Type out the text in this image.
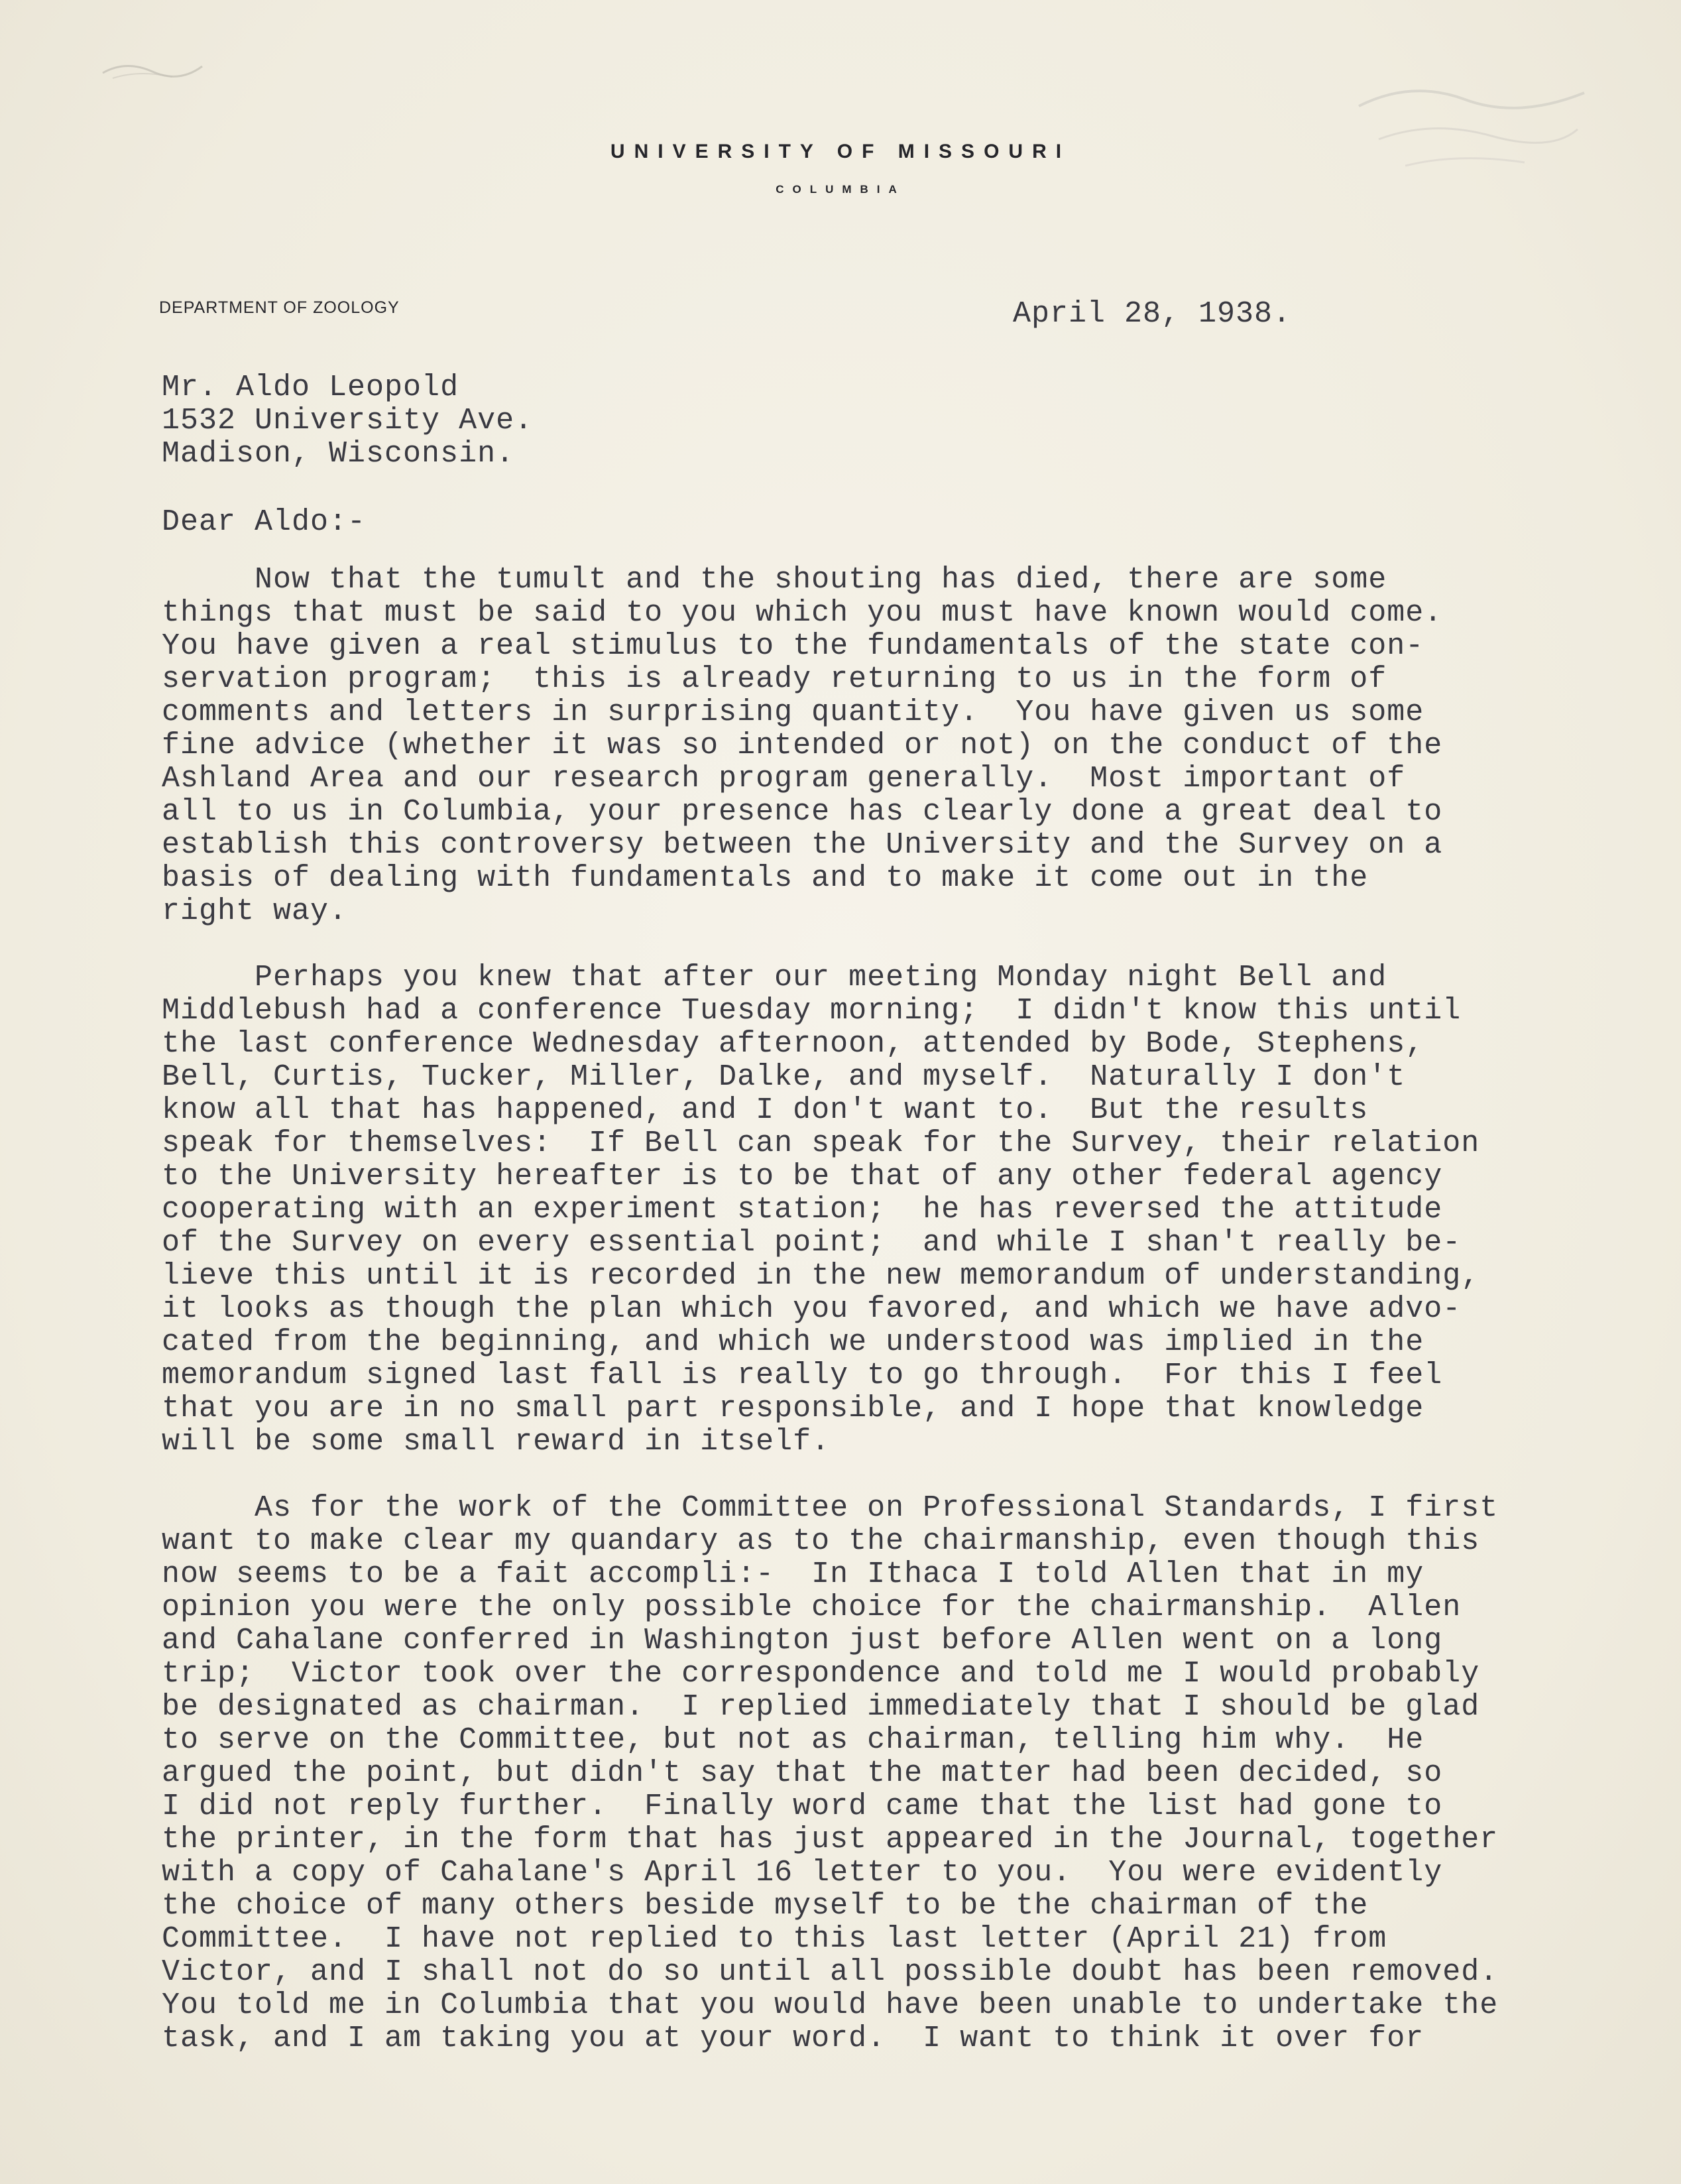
UNIVERSITY OF MISSOURI
COLUMBIA
DEPARTMENT OF ZOOLOGY	April 28, 1938.
Mr. Aldo Leopold
1532 University Ave.
Madison, Wisconsin.
Dear Aldo:-
Now that the tumult and the shouting has died, there are some
things that must be said to you which you must have known would come.
You have given a real stimulus to the fundamentals of the state con-
servation program;  this is already returning to us in the form of
comments and letters in surprising quantity.  You have given us some
fine advice (whether it was so intended or not) on the conduct of the
Ashland Area and our research program generally.  Most important of
all to us in Columbia, your presence has clearly done a great deal to
establish this controversy between the University and the Survey on a
basis of dealing with fundamentals and to make it come out in the
right way.
Perhaps you knew that after our meeting Monday night Bell and
Middlebush had a conference Tuesday morning;  I didn't know this until
the last conference Wednesday afternoon, attended by Bode, Stephens,
Bell, Curtis, Tucker, Miller, Dalke, and myself.  Naturally I don't
know all that has happened, and I don't want to.  But the results
speak for themselves:  If Bell can speak for the Survey, their relation
to the University hereafter is to be that of any other federal agency
cooperating with an experiment station;  he has reversed the attitude
of the Survey on every essential point;  and while I shan't really be-
lieve this until it is recorded in the new memorandum of understanding,
it looks as though the plan which you favored, and which we have advo-
cated from the beginning, and which we understood was implied in the
memorandum signed last fall is really to go through.  For this I feel
that you are in no small part responsible, and I hope that knowledge
will be some small reward in itself.
As for the work of the Committee on Professional Standards, I first
want to make clear my quandary as to the chairmanship, even though this
now seems to be a fait accompli:-  In Ithaca I told Allen that in my
opinion you were the only possible choice for the chairmanship.  Allen
and Cahalane conferred in Washington just before Allen went on a long
trip;  Victor took over the correspondence and told me I would probably
be designated as chairman.  I replied immediately that I should be glad
to serve on the Committee, but not as chairman, telling him why.  He
argued the point, but didn't say that the matter had been decided, so
I did not reply further.  Finally word came that the list had gone to
the printer, in the form that has just appeared in the Journal, together
with a copy of Cahalane's April 16 letter to you.  You were evidently
the choice of many others beside myself to be the chairman of the
Committee.  I have not replied to this last letter (April 21) from
Victor, and I shall not do so until all possible doubt has been removed.
You told me in Columbia that you would have been unable to undertake the
task, and I am taking you at your word.  I want to think it over for
